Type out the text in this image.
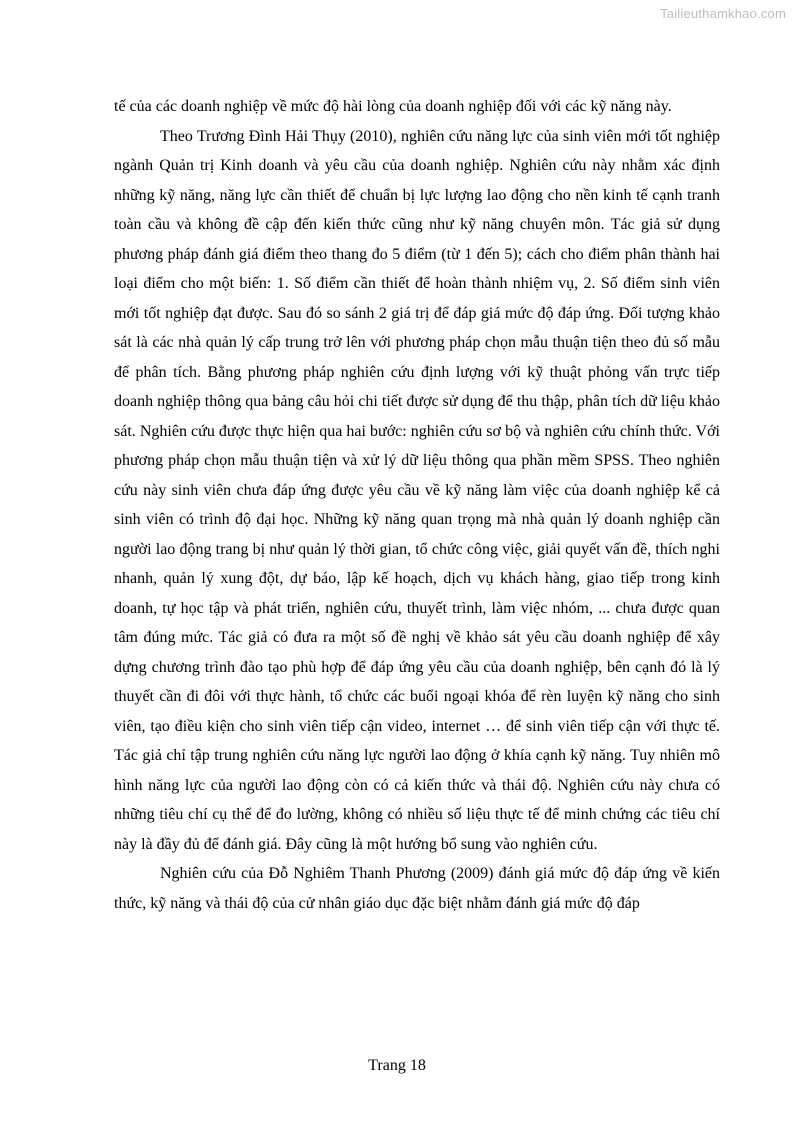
Tailieuthamkhao.com

tế của các doanh nghiệp về mức độ hài lòng của doanh nghiệp đối với các kỹ năng này.

Theo Trương Đình Hải Thụy (2010), nghiên cứu năng lực của sinh viên mới tốt nghiệp ngành Quản trị Kinh doanh và yêu cầu của doanh nghiệp. Nghiên cứu này nhằm xác định những kỹ năng, năng lực cần thiết để chuẩn bị lực lượng lao động cho nền kinh tế cạnh tranh toàn cầu và không đề cập đến kiến thức cũng như kỹ năng chuyên môn. Tác giả sử dụng phương pháp đánh giá điểm theo thang đo 5 điểm (từ 1 đến 5); cách cho điểm phân thành hai loại điểm cho một biến: 1. Số điểm cần thiết để hoàn thành nhiệm vụ, 2. Số điểm sinh viên mới tốt nghiệp đạt được. Sau đó so sánh 2 giá trị để đáp giá mức độ đáp ứng. Đối tượng khảo sát là các nhà quản lý cấp trung trở lên với phương pháp chọn mẫu thuận tiện theo đủ số mẫu để phân tích. Bằng phương pháp nghiên cứu định lượng với kỹ thuật phỏng vấn trực tiếp doanh nghiệp thông qua bảng câu hỏi chi tiết được sử dụng để thu thập, phân tích dữ liệu khảo sát. Nghiên cứu được thực hiện qua hai bước: nghiên cứu sơ bộ và nghiên cứu chính thức. Với phương pháp chọn mẫu thuận tiện và xử lý dữ liệu thông qua phần mềm SPSS. Theo nghiên cứu này sinh viên chưa đáp ứng được yêu cầu về kỹ năng làm việc của doanh nghiệp kể cả sinh viên có trình độ đại học. Những kỹ năng quan trọng mà nhà quản lý doanh nghiệp cần người lao động trang bị như quản lý thời gian, tổ chức công việc, giải quyết vấn đề, thích nghi nhanh, quản lý xung đột, dự báo, lập kế hoạch, dịch vụ khách hàng, giao tiếp trong kinh doanh, tự học tập và phát triển, nghiên cứu, thuyết trình, làm việc nhóm, ... chưa được quan tâm đúng mức. Tác giả có đưa ra một số đề nghị về khảo sát yêu cầu doanh nghiệp để xây dựng chương trình đào tạo phù hợp để đáp ứng yêu cầu của doanh nghiệp, bên cạnh đó là lý thuyết cần đi đôi với thực hành, tổ chức các buổi ngoại khóa để rèn luyện kỹ năng cho sinh viên, tạo điều kiện cho sinh viên tiếp cận video, internet … để sinh viên tiếp cận với thực tế. Tác giả chỉ tập trung nghiên cứu năng lực người lao động ở khía cạnh kỹ năng. Tuy nhiên mô hình năng lực của người lao động còn có cả kiến thức và thái độ. Nghiên cứu này chưa có những tiêu chí cụ thể để đo lường, không có nhiều số liệu thực tế để minh chứng các tiêu chí này là đầy đủ để đánh giá. Đây cũng là một hướng bổ sung vào nghiên cứu.

Nghiên cứu của Đỗ Nghiêm Thanh Phương (2009) đánh giá mức độ đáp ứng về kiến thức, kỹ năng và thái độ của cử nhân giáo dục đặc biệt nhằm đánh giá mức độ đáp

Trang 18
